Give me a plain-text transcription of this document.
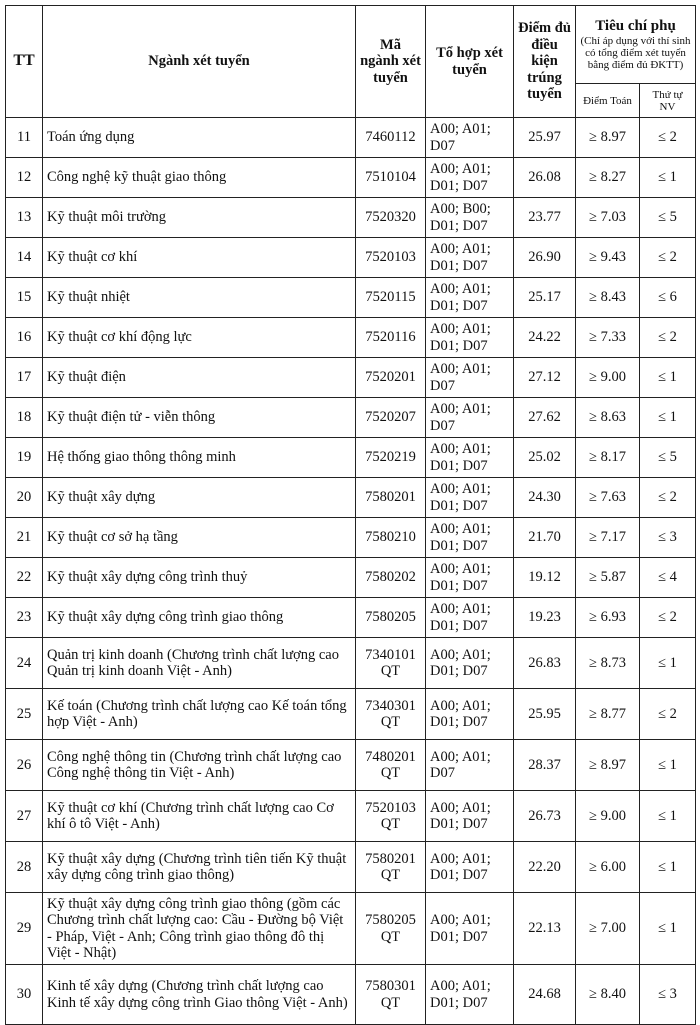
TT	Ngành xét tuyển	Mã ngành xét tuyển	Tổ hợp xét tuyển	Điểm đủ điều kiện trúng tuyển	Tiêu chí phụ
(Chỉ áp dụng với thí sinh có tổng điểm xét tuyển bằng điểm đủ ĐKTT)	

					Điểm Toán	Thứ tự NV
11	Toán ứng dụng	7460112	A00; A01; D07	25.97	≥ 8.97	≤ 2
12	Công nghệ kỹ thuật giao thông	7510104	A00; A01; D01; D07	26.08	≥ 8.27	≤ 1
13	Kỹ thuật môi trường	7520320	A00; B00; D01; D07	23.77	≥ 7.03	≤ 5
14	Kỹ thuật cơ khí	7520103	A00; A01; D01; D07	26.90	≥ 9.43	≤ 2
15	Kỹ thuật nhiệt	7520115	A00; A01; D01; D07	25.17	≥ 8.43	≤ 6
16	Kỹ thuật cơ khí động lực	7520116	A00; A01; D01; D07	24.22	≥ 7.33	≤ 2
17	Kỹ thuật điện	7520201	A00; A01; D07	27.12	≥ 9.00	≤ 1
18	Kỹ thuật điện tử - viễn thông	7520207	A00; A01; D07	27.62	≥ 8.63	≤ 1
19	Hệ thống giao thông thông minh	7520219	A00; A01; D01; D07	25.02	≥ 8.17	≤ 5
20	Kỹ thuật xây dựng	7580201	A00; A01; D01; D07	24.30	≥ 7.63	≤ 2
21	Kỹ thuật cơ sở hạ tầng	7580210	A00; A01; D01; D07	21.70	≥ 7.17	≤ 3
22	Kỹ thuật xây dựng công trình thuỷ	7580202	A00; A01; D01; D07	19.12	≥ 5.87	≤ 4
23	Kỹ thuật xây dựng công trình giao thông	7580205	A00; A01; D01; D07	19.23	≥ 6.93	≤ 2
24	Quản trị kinh doanh (Chương trình chất lượng cao Quản trị kinh doanh Việt - Anh)	7340101 QT	A00; A01; D01; D07	26.83	≥ 8.73	≤ 1
25	Kế toán (Chương trình chất lượng cao Kế toán tổng hợp Việt - Anh)	7340301 QT	A00; A01; D01; D07	25.95	≥ 8.77	≤ 2
26	Công nghệ thông tin (Chương trình chất lượng cao Công nghệ thông tin Việt - Anh)	7480201 QT	A00; A01; D07	28.37	≥ 8.97	≤ 1
27	Kỹ thuật cơ khí (Chương trình chất lượng cao Cơ khí ô tô Việt - Anh)	7520103 QT	A00; A01; D01; D07	26.73	≥ 9.00	≤ 1
28	Kỹ thuật xây dựng (Chương trình tiên tiến Kỹ thuật xây dựng công trình giao thông)	7580201 QT	A00; A01; D01; D07	22.20	≥ 6.00	≤ 1
29	Kỹ thuật xây dựng công trình giao thông (gồm các Chương trình chất lượng cao: Cầu - Đường bộ Việt - Pháp, Việt - Anh; Công trình giao thông đô thị Việt - Nhật)	7580205 QT	A00; A01; D01; D07	22.13	≥ 7.00	≤ 1
30	Kinh tế xây dựng (Chương trình chất lượng cao Kinh tế xây dựng công trình Giao thông Việt - Anh)	7580301 QT	A00; A01; D01; D07	24.68	≥ 8.40	≤ 3
